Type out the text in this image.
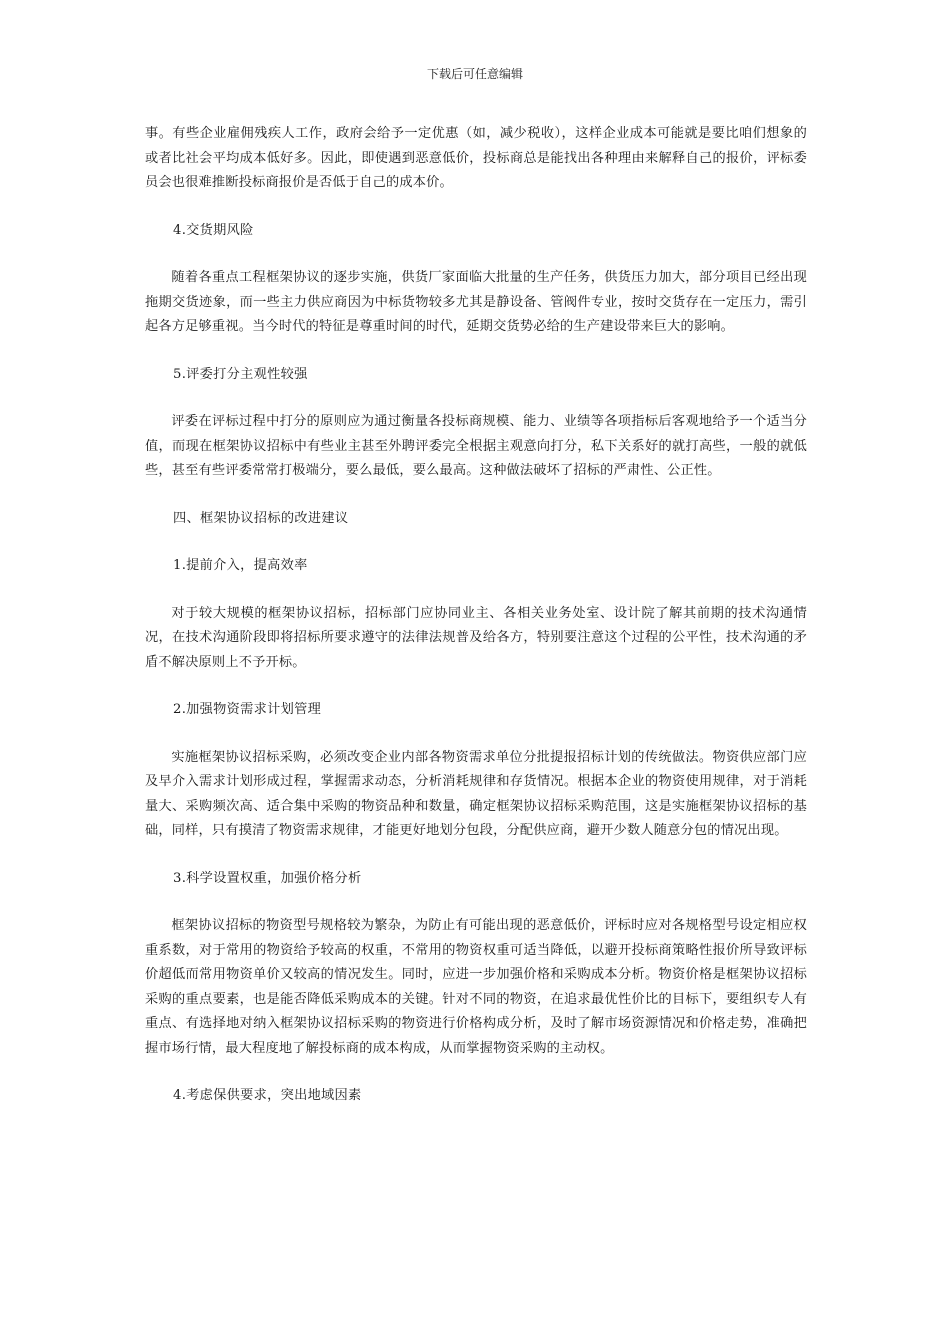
下载后可任意编辑

事。有些企业雇佣残疾人工作，政府会给予一定优惠（如，减少税收），这样企业成本可能就是要比咱们想象的或者比社会平均成本低好多。因此，即使遇到恶意低价，投标商总是能找出各种理由来解释自己的报价，评标委员会也很难推断投标商报价是否低于自己的成本价。

4.交货期风险

随着各重点工程框架协议的逐步实施，供货厂家面临大批量的生产任务，供货压力加大，部分项目已经出现拖期交货迹象，而一些主力供应商因为中标货物较多尤其是静设备、管阀件专业，按时交货存在一定压力，需引起各方足够重视。当今时代的特征是尊重时间的时代，延期交货势必给的生产建设带来巨大的影响。

5.评委打分主观性较强

评委在评标过程中打分的原则应为通过衡量各投标商规模、能力、业绩等各项指标后客观地给予一个适当分值，而现在框架协议招标中有些业主甚至外聘评委完全根据主观意向打分，私下关系好的就打高些，一般的就低些，甚至有些评委常常打极端分，要么最低，要么最高。这种做法破坏了招标的严肃性、公正性。

四、框架协议招标的改进建议

1.提前介入，提高效率

对于较大规模的框架协议招标，招标部门应协同业主、各相关业务处室、设计院了解其前期的技术沟通情况，在技术沟通阶段即将招标所要求遵守的法律法规普及给各方，特别要注意这个过程的公平性，技术沟通的矛盾不解决原则上不予开标。

2.加强物资需求计划管理

实施框架协议招标采购，必须改变企业内部各物资需求单位分批提报招标计划的传统做法。物资供应部门应及早介入需求计划形成过程，掌握需求动态，分析消耗规律和存货情况。根据本企业的物资使用规律，对于消耗量大、采购频次高、适合集中采购的物资品种和数量，确定框架协议招标采购范围，这是实施框架协议招标的基础，同样，只有摸清了物资需求规律，才能更好地划分包段，分配供应商，避开少数人随意分包的情况出现。

3.科学设置权重，加强价格分析

框架协议招标的物资型号规格较为繁杂，为防止有可能出现的恶意低价，评标时应对各规格型号设定相应权重系数，对于常用的物资给予较高的权重，不常用的物资权重可适当降低，以避开投标商策略性报价所导致评标价超低而常用物资单价又较高的情况发生。同时，应进一步加强价格和采购成本分析。物资价格是框架协议招标采购的重点要素，也是能否降低采购成本的关键。针对不同的物资，在追求最优性价比的目标下，要组织专人有重点、有选择地对纳入框架协议招标采购的物资进行价格构成分析，及时了解市场资源情况和价格走势，准确把握市场行情，最大程度地了解投标商的成本构成，从而掌握物资采购的主动权。

4.考虑保供要求，突出地域因素
